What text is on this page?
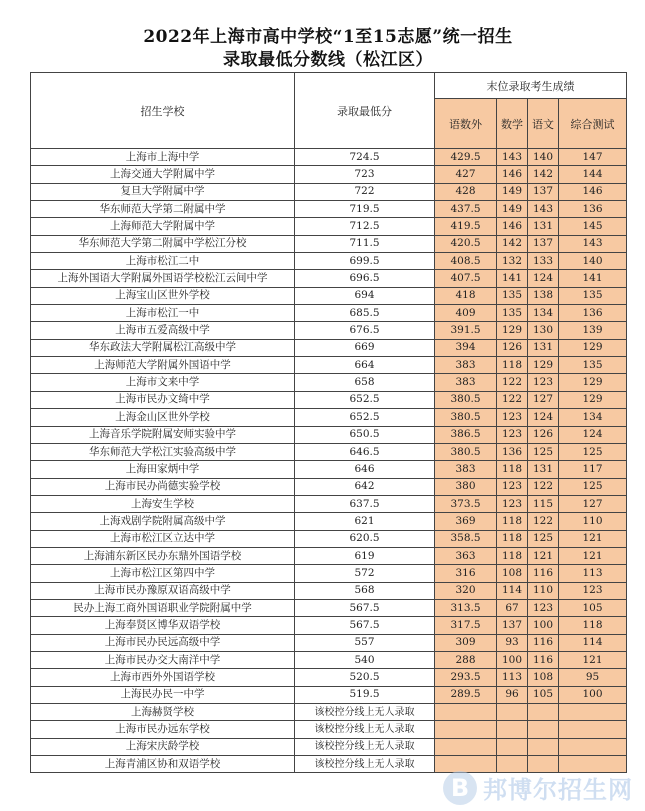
2022年上海市高中学校“1至15志愿”统一招生
录取最低分数线（松江区）
招生学校	录取最低分	末位录取考生成绩			
		语数外	数学	语文	综合测试
上海市上海中学	724.5	429.5	143	140	147
上海交通大学附属中学	723	427	146	142	144
复旦大学附属中学	722	428	149	137	146
华东师范大学第二附属中学	719.5	437.5	149	143	136
上海师范大学附属中学	712.5	419.5	146	131	145
华东师范大学第二附属中学松江分校	711.5	420.5	142	137	143
上海市松江二中	699.5	408.5	132	133	140
上海外国语大学附属外国语学校松江云间中学	696.5	407.5	141	124	141
上海宝山区世外学校	694	418	135	138	135
上海市松江一中	685.5	409	135	134	136
上海市五爱高级中学	676.5	391.5	129	130	139
华东政法大学附属松江高级中学	669	394	126	131	129
上海师范大学附属外国语中学	664	383	118	129	135
上海市文来中学	658	383	122	123	129
上海市民办文绮中学	652.5	380.5	122	127	129
上海金山区世外学校	652.5	380.5	123	124	134
上海音乐学院附属安师实验中学	650.5	386.5	123	126	124
华东师范大学松江实验高级中学	646.5	380.5	136	125	125
上海田家炳中学	646	383	118	131	117
上海市民办尚德实验学校	642	380	123	122	125
上海安生学校	637.5	373.5	123	115	127
上海戏剧学院附属高级中学	621	369	118	122	110
上海市松江区立达中学	620.5	358.5	118	125	121
上海浦东新区民办东鼎外国语学校	619	363	118	121	121
上海市松江区第四中学	572	316	108	116	113
上海市民办豫原双语高级中学	568	320	114	110	123
民办上海工商外国语职业学院附属中学	567.5	313.5	67	123	105
上海奉贤区博华双语学校	567.5	317.5	137	100	118
上海市民办民远高级中学	557	309	93	116	114
上海市民办交大南洋中学	540	288	100	116	121
上海市西外外国语学校	520.5	293.5	113	108	95
上海民办民一中学	519.5	289.5	96	105	100
上海赫贤学校	该校控分线上无人录取				
上海市民办远东学校	该校控分线上无人录取				
上海宋庆龄学校	该校控分线上无人录取				
上海青浦区协和双语学校	该校控分线上无人录取				
B 邦博尔招生网
